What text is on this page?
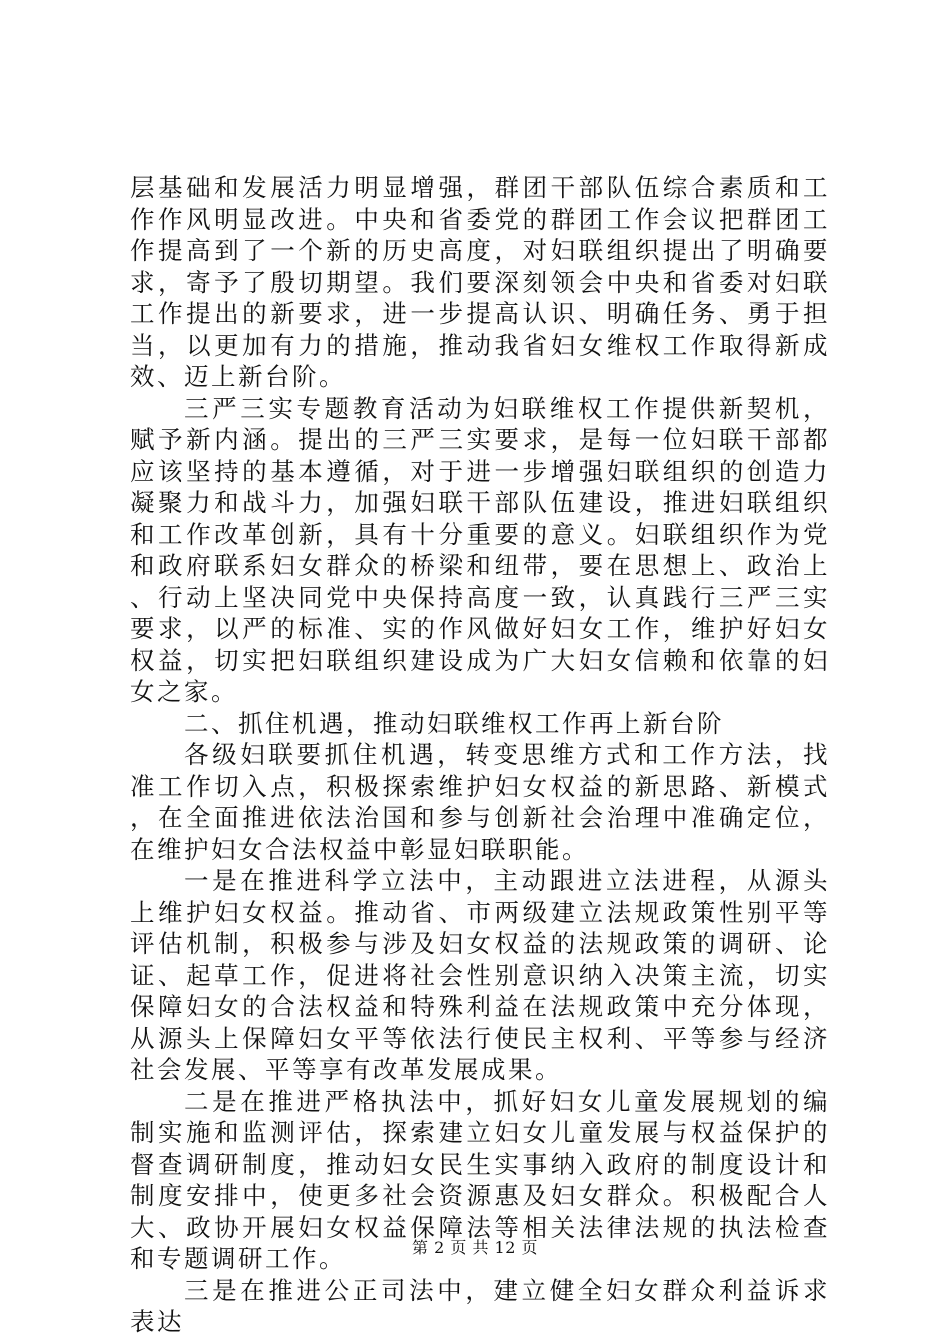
层基础和发展活力明显增强，群团干部队伍综合素质和工作作风明显改进。中央和省委党的群团工作会议把群团工作提高到了一个新的历史高度，对妇联组织提出了明确要求，寄予了殷切期望。我们要深刻领会中央和省委对妇联工作提出的新要求，进一步提高认识、明确任务、勇于担当，以更加有力的措施，推动我省妇女维权工作取得新成效、迈上新台阶。

三严三实专题教育活动为妇联维权工作提供新契机，赋予新内涵。提出的三严三实要求，是每一位妇联干部都应该坚持的基本遵循，对于进一步增强妇联组织的创造力凝聚力和战斗力，加强妇联干部队伍建设，推进妇联组织和工作改革创新，具有十分重要的意义。妇联组织作为党和政府联系妇女群众的桥梁和纽带，要在思想上、政治上、行动上坚决同党中央保持高度一致，认真践行三严三实要求，以严的标准、实的作风做好妇女工作，维护好妇女权益，切实把妇联组织建设成为广大妇女信赖和依靠的妇女之家。

二、抓住机遇，推动妇联维权工作再上新台阶

各级妇联要抓住机遇，转变思维方式和工作方法，找准工作切入点，积极探索维护妇女权益的新思路、新模式，在全面推进依法治国和参与创新社会治理中准确定位，在维护妇女合法权益中彰显妇联职能。

一是在推进科学立法中，主动跟进立法进程，从源头上维护妇女权益。推动省、市两级建立法规政策性别平等评估机制，积极参与涉及妇女权益的法规政策的调研、论证、起草工作，促进将社会性别意识纳入决策主流，切实保障妇女的合法权益和特殊利益在法规政策中充分体现，从源头上保障妇女平等依法行使民主权利、平等参与经济社会发展、平等享有改革发展成果。

二是在推进严格执法中，抓好妇女儿童发展规划的编制实施和监测评估，探索建立妇女儿童发展与权益保护的督查调研制度，推动妇女民生实事纳入政府的制度设计和制度安排中，使更多社会资源惠及妇女群众。积极配合人大、政协开展妇女权益保障法等相关法律法规的执法检查和专题调研工作。

三是在推进公正司法中，建立健全妇女群众利益诉求表达

第 2 页 共 12 页
